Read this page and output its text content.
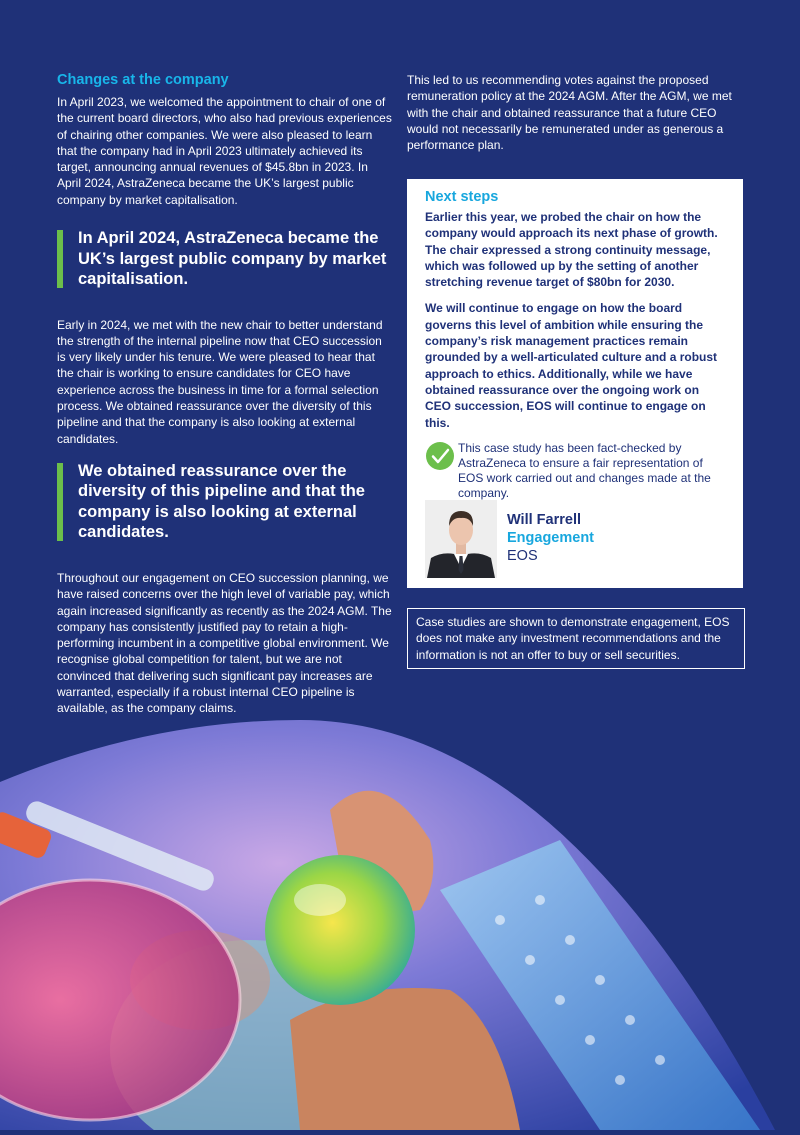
Changes at the company

In April 2023, we welcomed the appointment to chair of one of the current board directors, who also had previous experiences of chairing other companies. We were also pleased to learn that the company had in April 2023 ultimately achieved its target, announcing annual revenues of $45.8bn in 2023. In April 2024, AstraZeneca became the UK’s largest public company by market capitalisation.

In April 2024, AstraZeneca became the UK’s largest public company by market capitalisation.

Early in 2024, we met with the new chair to better understand the strength of the internal pipeline now that CEO succession is very likely under his tenure. We were pleased to hear that the chair is working to ensure candidates for CEO have experience across the business in time for a formal selection process. We obtained reassurance over the diversity of this pipeline and that the company is also looking at external candidates.

We obtained reassurance over the diversity of this pipeline and that the company is also looking at external candidates.

Throughout our engagement on CEO succession planning, we have raised concerns over the high level of variable pay, which again increased significantly as recently as the 2024 AGM. The company has consistently justified pay to retain a high-performing incumbent in a competitive global environment. We recognise global competition for talent, but we are not convinced that delivering such significant pay increases are warranted, especially if a robust internal CEO pipeline is available, as the company claims.

This led to us recommending votes against the proposed remuneration policy at the 2024 AGM. After the AGM, we met with the chair and obtained reassurance that a future CEO would not necessarily be remunerated under as generous a performance plan.

Next steps

Earlier this year, we probed the chair on how the company would approach its next phase of growth. The chair expressed a strong continuity message, which was followed up by the setting of another stretching revenue target of $80bn for 2030.

We will continue to engage on how the board governs this level of ambition while ensuring the company’s risk management practices remain grounded by a well-articulated culture and a robust approach to ethics. Additionally, while we have obtained reassurance over the ongoing work on CEO succession, EOS will continue to engage on this.

This case study has been fact-checked by AstraZeneca to ensure a fair representation of EOS work carried out and changes made at the company.

Will Farrell
Engagement
EOS
Case studies are shown to demonstrate engagement, EOS does not make any investment recommendations and the information is not an offer to buy or sell securities.
